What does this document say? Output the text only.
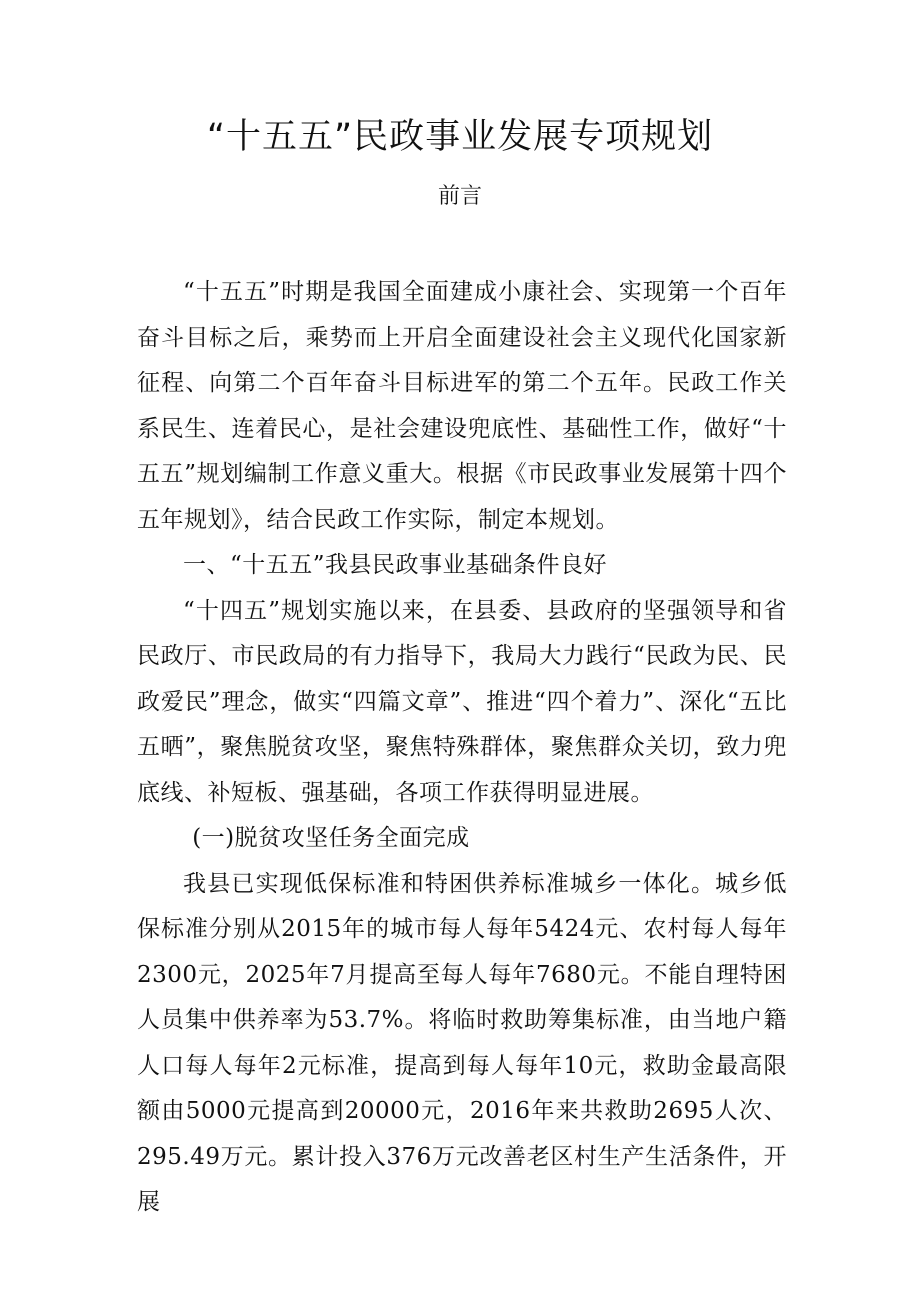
“十五五”民政事业发展专项规划
前言

“十五五”时期是我国全面建成小康社会、实现第一个百年奋斗目标之后，乘势而上开启全面建设社会主义现代化国家新征程、向第二个百年奋斗目标进军的第二个五年。民政工作关系民生、连着民心，是社会建设兜底性、基础性工作，做好“十五五”规划编制工作意义重大。根据《市民政事业发展第十四个五年规划》，结合民政工作实际，制定本规划。

一、“十五五”我县民政事业基础条件良好

“十四五”规划实施以来，在县委、县政府的坚强领导和省民政厅、市民政局的有力指导下，我局大力践行“民政为民、民政爱民”理念，做实“四篇文章”、推进“四个着力”、深化“五比五晒”，聚焦脱贫攻坚，聚焦特殊群体，聚焦群众关切，致力兜底线、补短板、强基础，各项工作获得明显进展。

(一)脱贫攻坚任务全面完成

我县已实现低保标准和特困供养标准城乡一体化。城乡低保标准分别从2015年的城市每人每年5424元、农村每人每年2300元，2025年7月提高至每人每年7680元。不能自理特困人员集中供养率为53.7%。将临时救助筹集标准，由当地户籍人口每人每年2元标准，提高到每人每年10元，救助金最高限额由5000元提高到20000元，2016年来共救助2695人次、295.49万元。累计投入376万元改善老区村生产生活条件，开展
